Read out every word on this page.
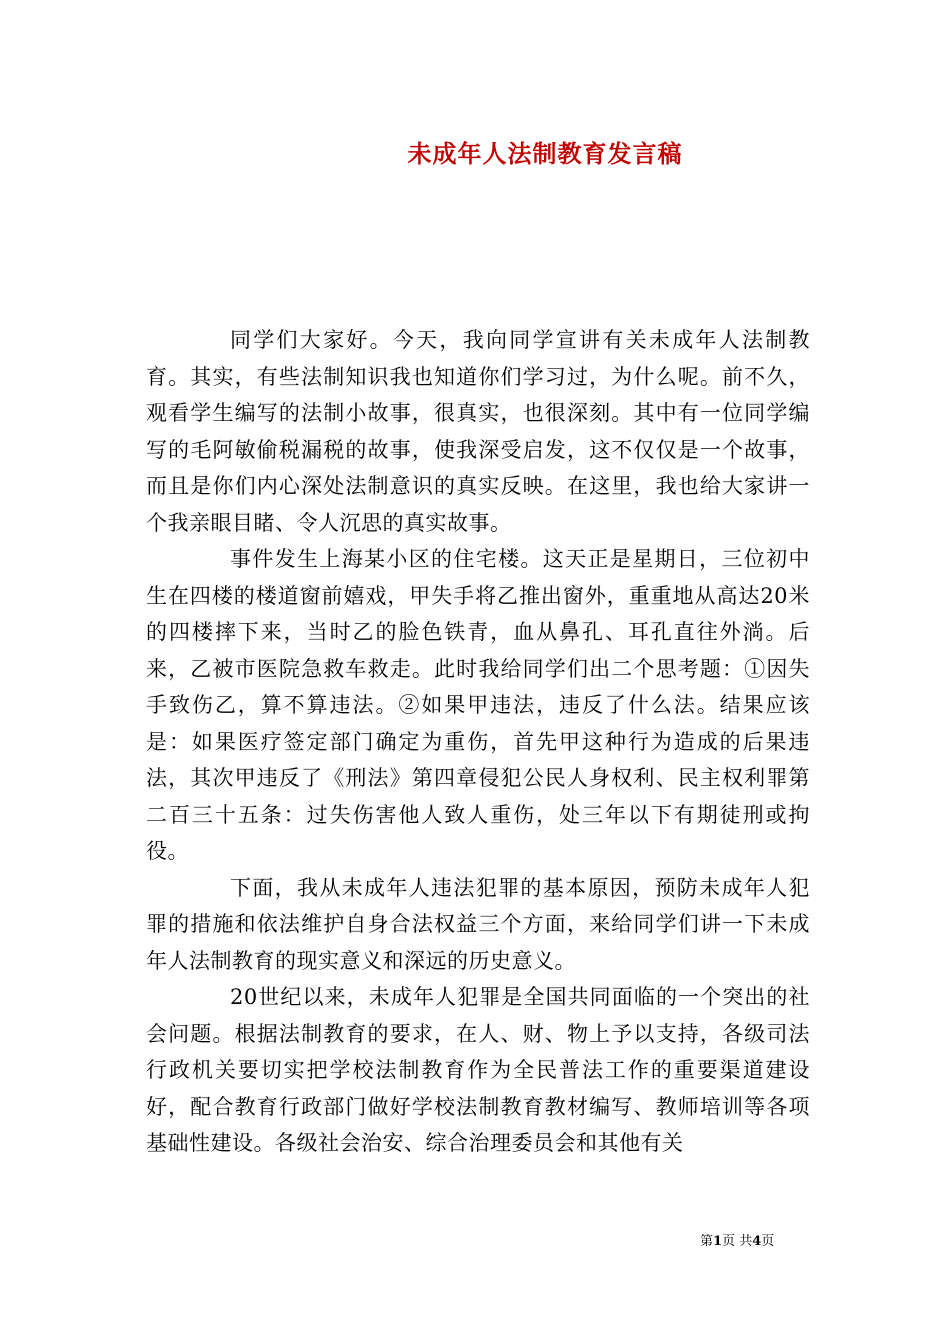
未成年人法制教育发言稿

同学们大家好。今天，我向同学宣讲有关未成年人法制教育。其实，有些法制知识我也知道你们学习过，为什么呢。前不久，观看学生编写的法制小故事，很真实，也很深刻。其中有一位同学编写的毛阿敏偷税漏税的故事，使我深受启发，这不仅仅是一个故事，而且是你们内心深处法制意识的真实反映。在这里，我也给大家讲一个我亲眼目睹、令人沉思的真实故事。

事件发生上海某小区的住宅楼。这天正是星期日，三位初中生在四楼的楼道窗前嬉戏，甲失手将乙推出窗外，重重地从高达20米的四楼摔下来，当时乙的脸色铁青，血从鼻孔、耳孔直往外淌。后来，乙被市医院急救车救走。此时我给同学们出二个思考题：①因失手致伤乙，算不算违法。②如果甲违法，违反了什么法。结果应该是：如果医疗签定部门确定为重伤，首先甲这种行为造成的后果违法，其次甲违反了《刑法》第四章侵犯公民人身权利、民主权利罪第二百三十五条：过失伤害他人致人重伤，处三年以下有期徒刑或拘役。

下面，我从未成年人违法犯罪的基本原因，预防未成年人犯罪的措施和依法维护自身合法权益三个方面，来给同学们讲一下未成年人法制教育的现实意义和深远的历史意义。

20世纪以来，未成年人犯罪是全国共同面临的一个突出的社会问题。根据法制教育的要求，在人、财、物上予以支持，各级司法行政机关要切实把学校法制教育作为全民普法工作的重要渠道建设好，配合教育行政部门做好学校法制教育教材编写、教师培训等各项基础性建设。各级社会治安、综合治理委员会和其他有关

第1页 共4页
